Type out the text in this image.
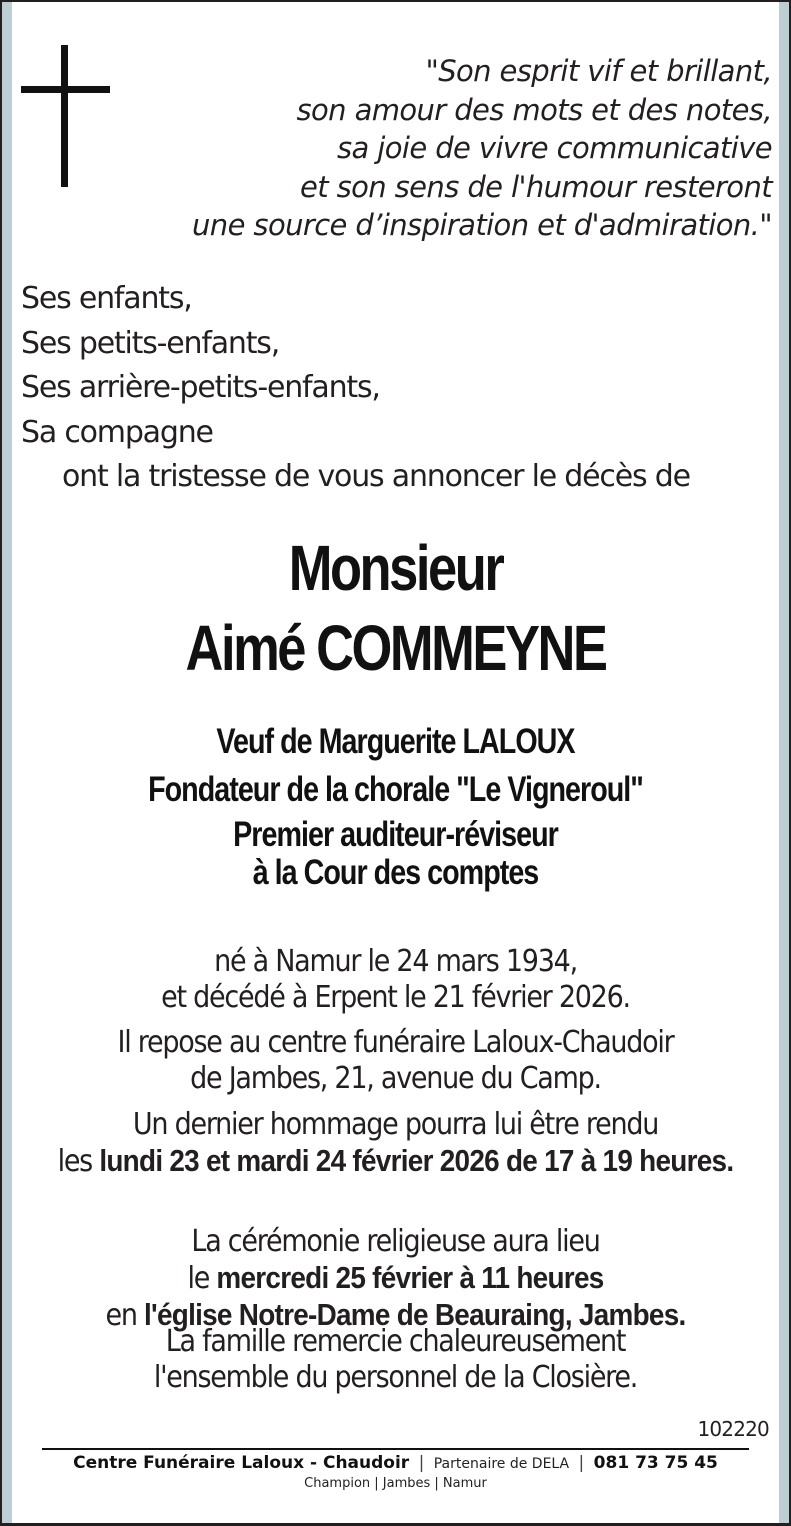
"Son esprit vif et brillant,
son amour des mots et des notes,
sa joie de vivre communicative
et son sens de l'humour resteront
une source d’inspiration et d'admiration."
Ses enfants,
Ses petits-enfants,
Ses arrière-petits-enfants,
Sa compagne
ont la tristesse de vous annoncer le décès de
Monsieur
Aimé COMMEYNE
Veuf de Marguerite LALOUX
Fondateur de la chorale "Le Vigneroul"
Premier auditeur-réviseur
à la Cour des comptes
né à Namur le 24 mars 1934,
et décédé à Erpent le 21 février 2026.
Il repose au centre funéraire Laloux-Chaudoir
de Jambes, 21, avenue du Camp.
Un dernier hommage pourra lui être rendu
les lundi 23 et mardi 24 février 2026 de 17 à 19 heures.
La cérémonie religieuse aura lieu
le mercredi 25 février à 11 heures
en l'église Notre-Dame de Beauraing, Jambes.
La famille remercie chaleureusement
l'ensemble du personnel de la Closière.
102220
Centre Funéraire Laloux - Chaudoir | Partenaire de DELA | 081 73 75 45
Champion | Jambes | Namur
